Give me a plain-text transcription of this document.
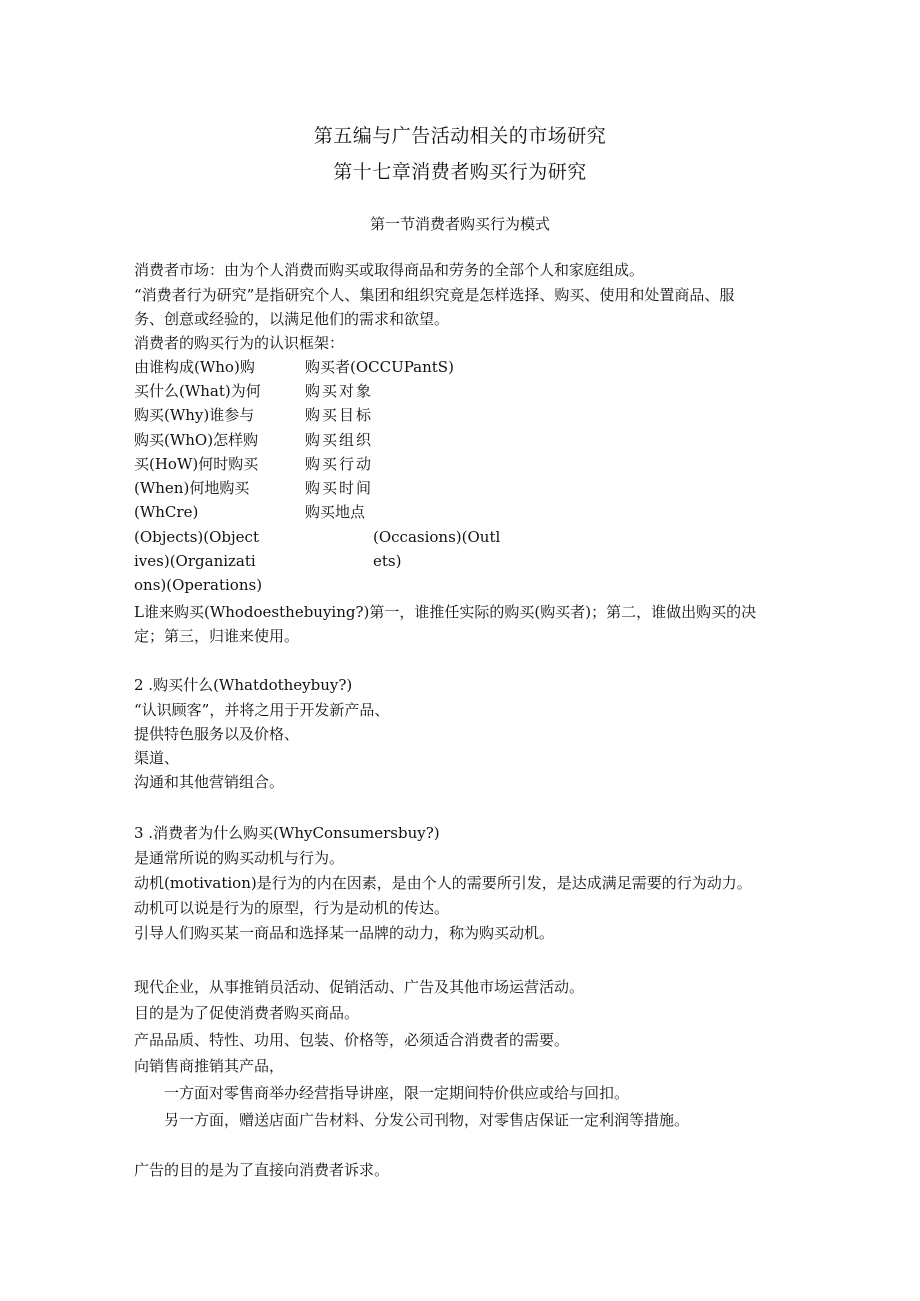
第五编与广告活动相关的市场研究
第十七章消费者购买行为研究
第一节消费者购买行为模式
消费者市场：由为个人消费而购买或取得商品和劳务的全部个人和家庭组成。
“消费者行为研究”是指研究个人、集团和组织究竟是怎样选择、购买、使用和处置商品、服
务、创意或经验的，以满足他们的需求和欲望。
消费者的购买行为的认识框架：
由谁构成(Who)购
买什么(What)为何
购买(Why)谁参与
购买(WhO)怎样购
买(HoW)何时购买
(When)何地购买
(WhCre)
(Objects)(Object
ives)(Organizati
ons)(Operations)
购买者(OCCUPantS)
购买对象
购买目标
购买组织
购买行动
购买时间
购买地点
(Occasions)(Outl
ets)
L谁来购买(Whodoesthebuying?)第一，谁推任实际的购买(购买者)；第二，谁做出购买的决
定；第三，归谁来使用。
2 .购买什么(Whatdotheybuy?)
“认识顾客”，并将之用于开发新产品、
提供特色服务以及价格、
渠道、
沟通和其他营销组合。
3 .消费者为什么购买(WhyConsumersbuy?)
是通常所说的购买动机与行为。
动机(motivation)是行为的内在因素，是由个人的需要所引发，是达成满足需要的行为动力。
动机可以说是行为的原型，行为是动机的传达。
引导人们购买某一商品和选择某一品牌的动力，称为购买动机。
现代企业，从事推销员活动、促销活动、广告及其他市场运营活动。
目的是为了促使消费者购买商品。
产品品质、特性、功用、包装、价格等，必须适合消费者的需要。
向销售商推销其产品，
一方面对零售商举办经营指导讲座，限一定期间特价供应或给与回扣。
另一方面，赠送店面广告材料、分发公司刊物，对零售店保证一定利润等措施。
广告的目的是为了直接向消费者诉求。
